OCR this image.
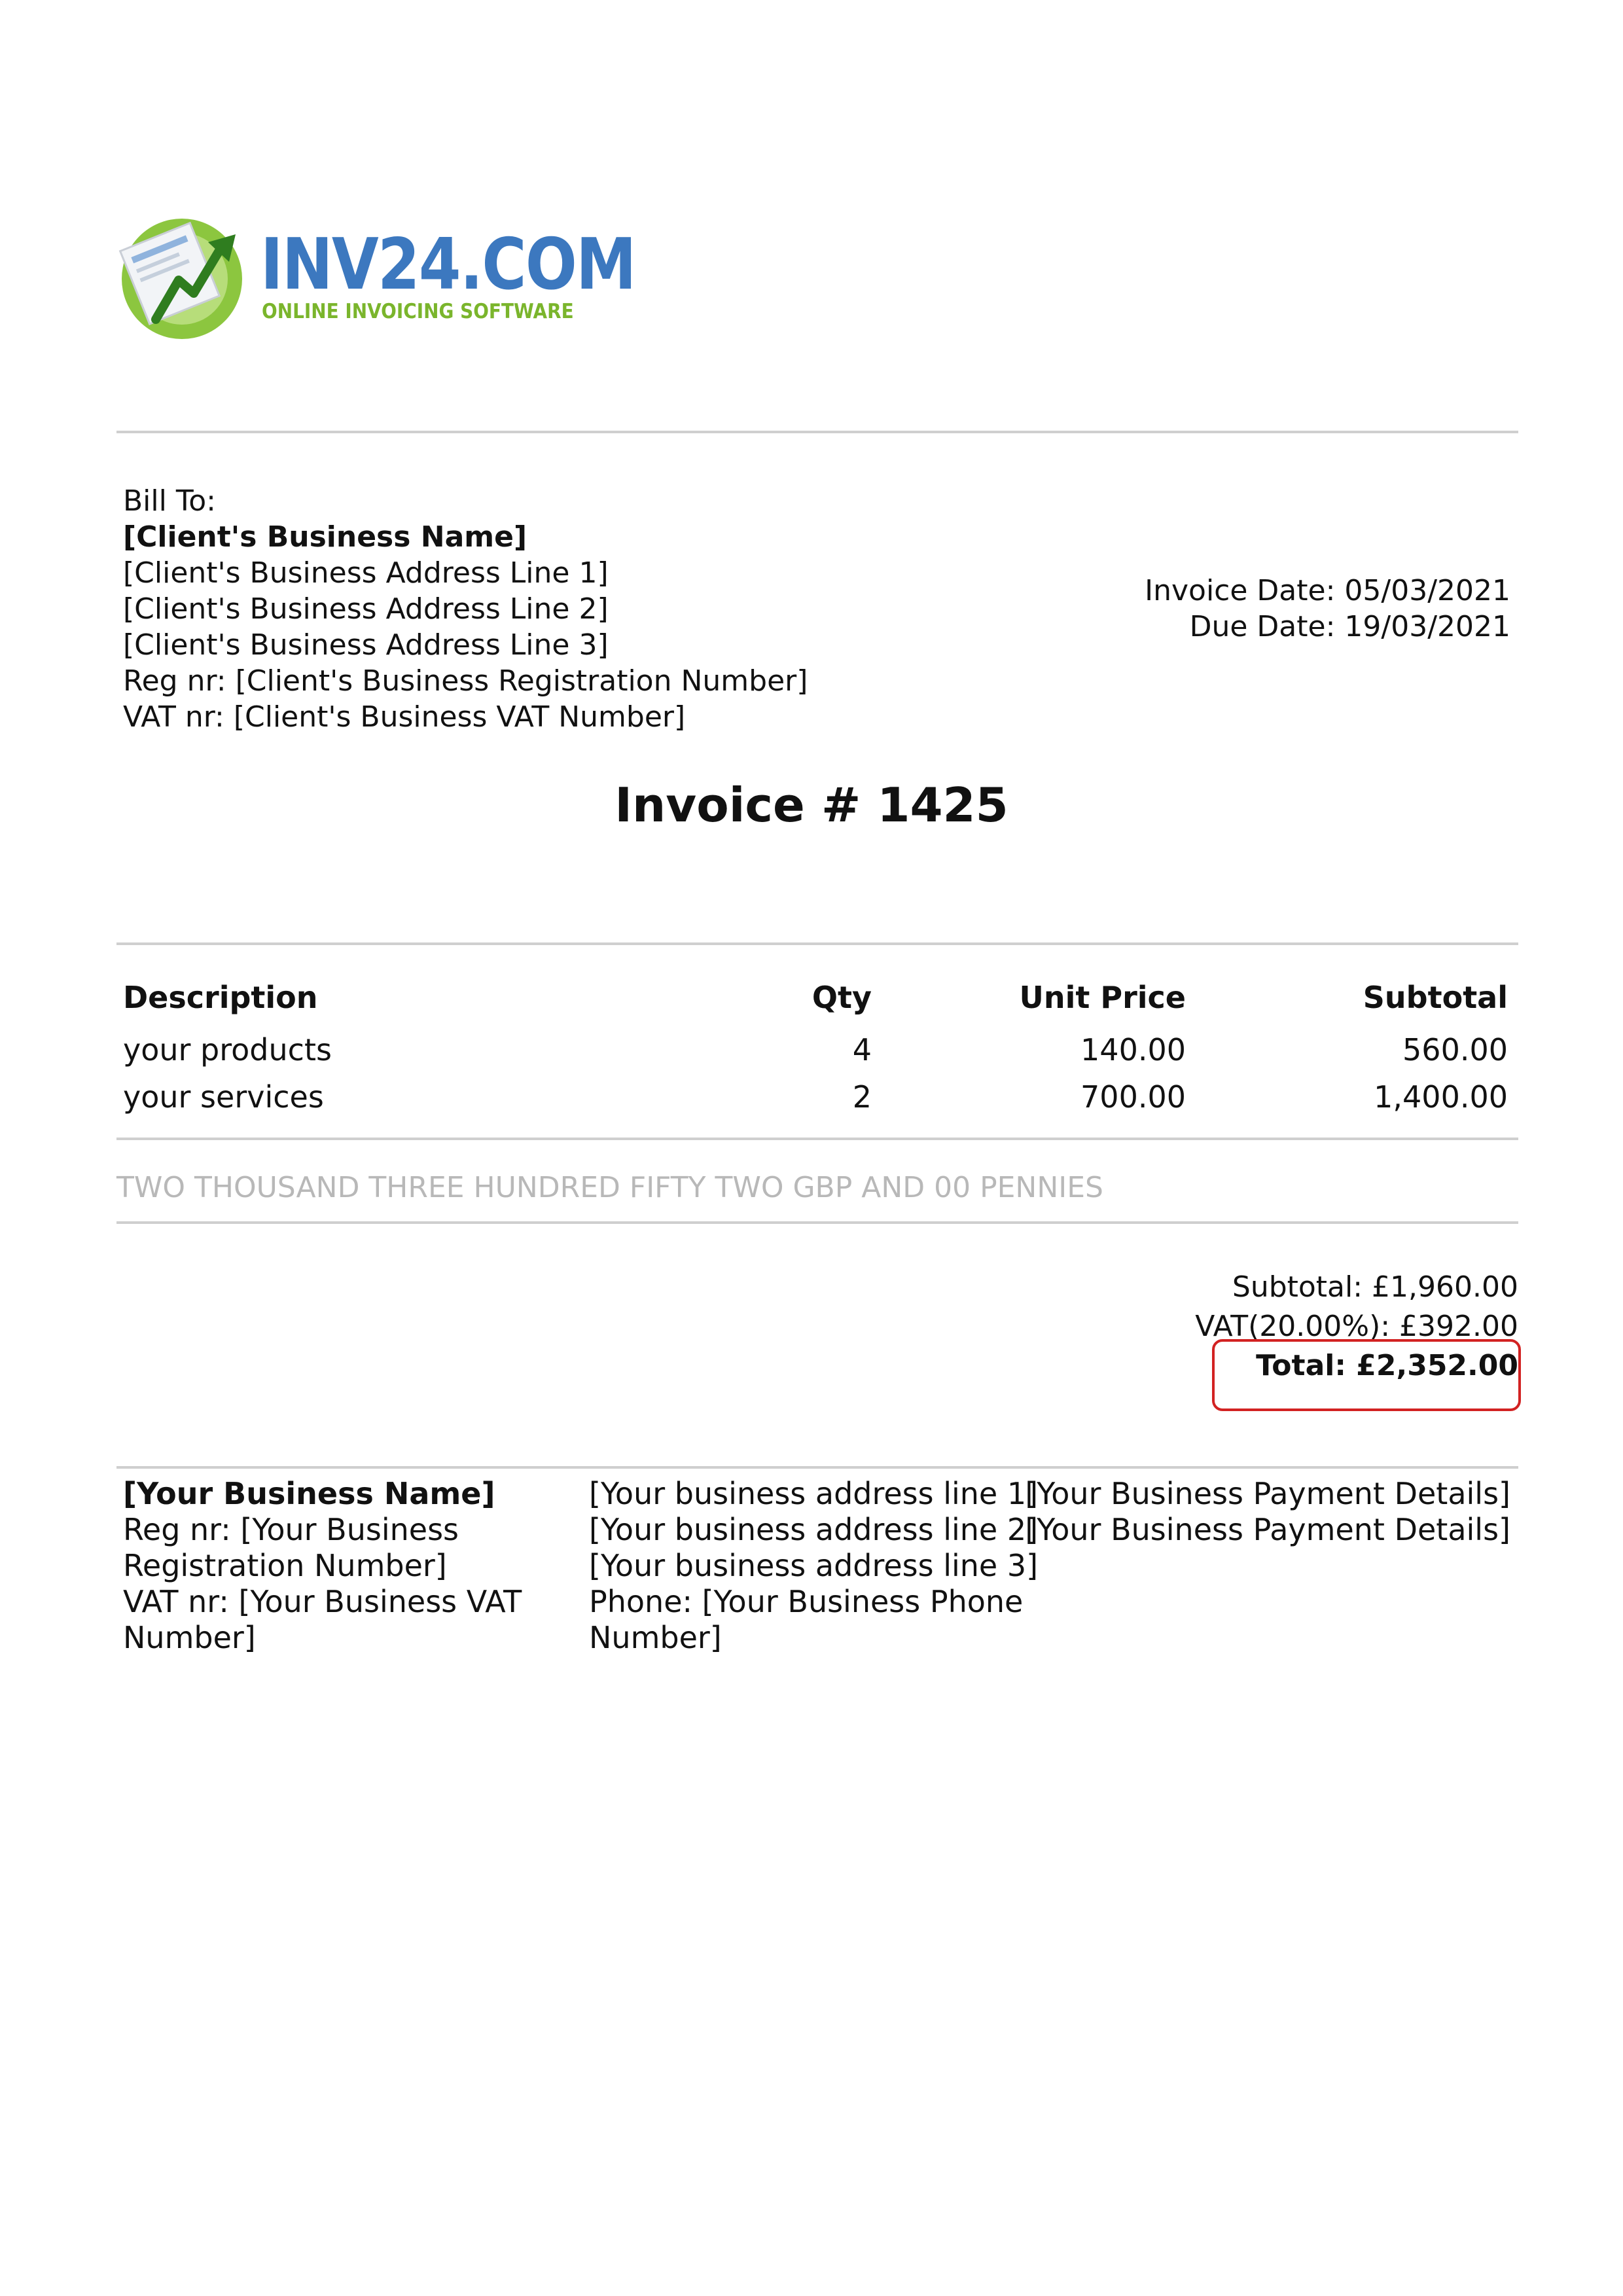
INV24.COM
ONLINE INVOICING SOFTWARE
Bill To:
[Client's Business Name]
[Client's Business Address Line 1]
[Client's Business Address Line 2]
[Client's Business Address Line 3]
Reg nr: [Client's Business Registration Number]
VAT nr: [Client's Business VAT Number]
Invoice Date: 05/03/2021
Due Date: 19/03/2021
Invoice # 1425
Description	Qty	Unit Price	Subtotal
your products	4	140.00	560.00
your services	2	700.00	1,400.00
TWO THOUSAND THREE HUNDRED FIFTY TWO GBP AND 00 PENNIES
Subtotal: £1,960.00
VAT(20.00%): £392.00
Total: £2,352.00
[Your Business Name]
Reg nr: [Your Business
Registration Number]
VAT nr: [Your Business VAT
Number]
[Your business address line 1]
[Your business address line 2]
[Your business address line 3]
Phone: [Your Business Phone
Number]
[Your Business Payment Details]
[Your Business Payment Details]
